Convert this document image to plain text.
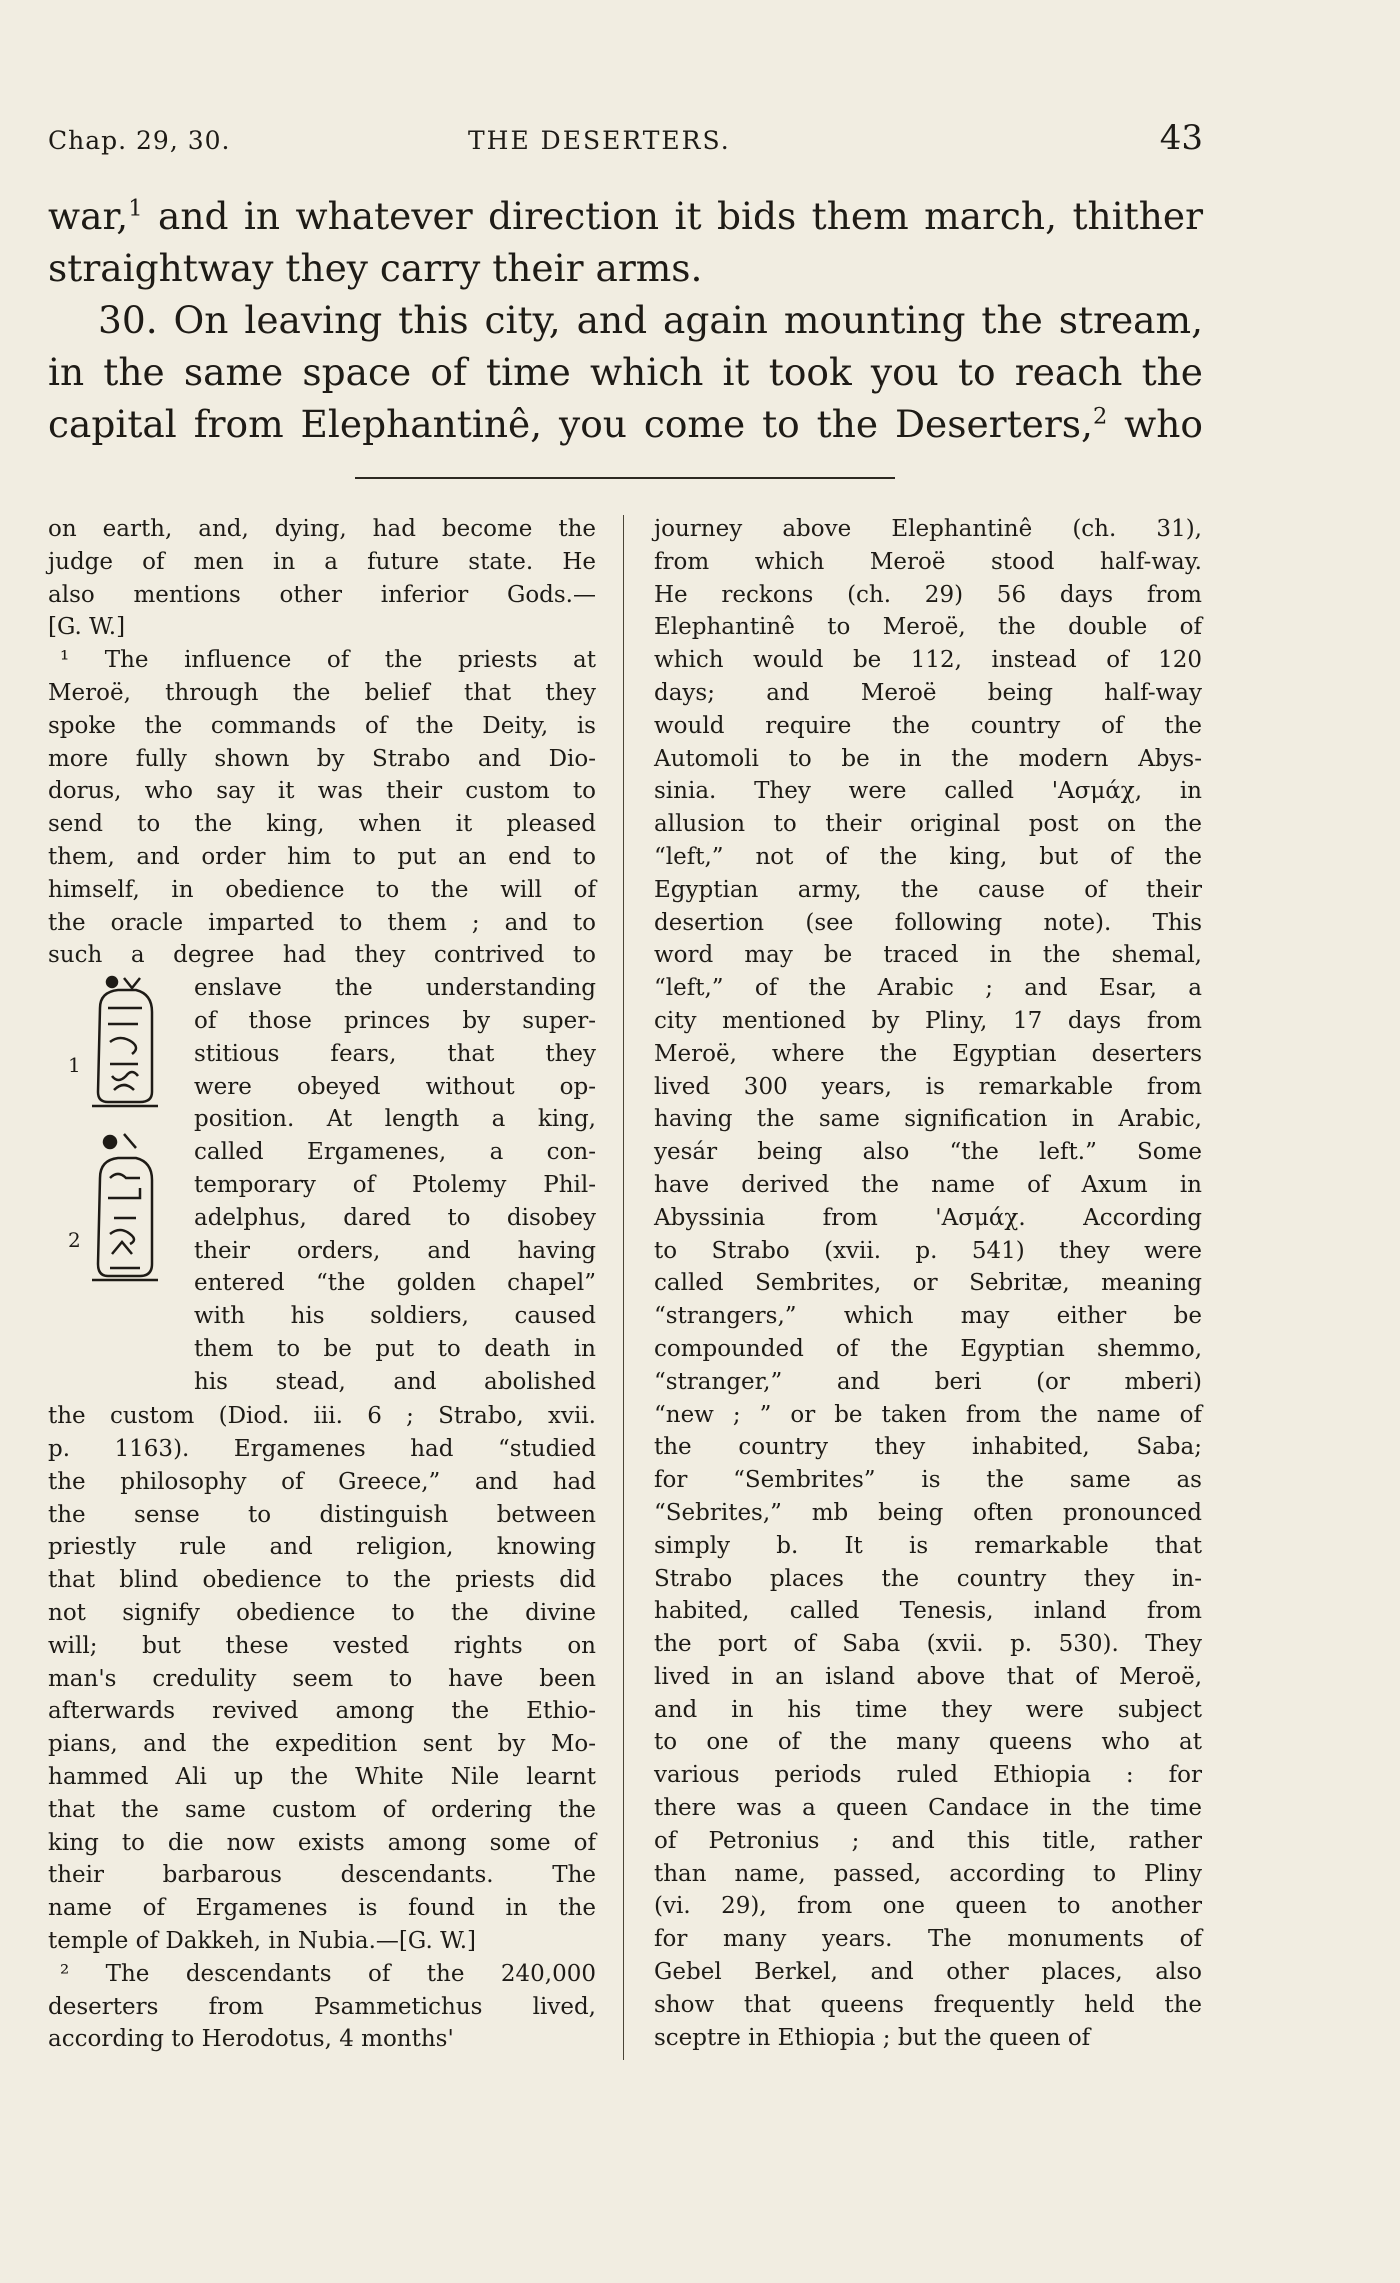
Chap. 29, 30.	THE DESERTERS.	43

war,$^1$ and in whatever direction it bids them march, thither

straightway they carry their arms.

30. On leaving this city, and again mounting the stream,

in the same space of time which it took you to reach the

capital from Elephantinê, you come to the Deserters,$^2$ who

on earth, and, dying, had become the

judge of men in a future state. He

also mentions other inferior Gods.—

[G. W.]

¹ The influence of the priests at

Meroë, through the belief that they

spoke the commands of the Deity, is

more fully shown by Strabo and Dio-

dorus, who say it was their custom to

send to the king, when it pleased

them, and order him to put an end to

himself, in obedience to the will of

the oracle imparted to them ; and to

such a degree had they contrived to

1
2

enslave the understanding

of those princes by super-

stitious fears, that they

were obeyed without op-

position. At length a king,

called Ergamenes, a con-

temporary of Ptolemy Phil-

adelphus, dared to disobey

their orders, and having

entered “the golden chapel”

with his soldiers, caused

them to be put to death in

his stead, and abolished

the custom (Diod. iii. 6 ; Strabo, xvii.

p. 1163). Ergamenes had “studied

the philosophy of Greece,” and had

the sense to distinguish between

priestly rule and religion, knowing

that blind obedience to the priests did

not signify obedience to the divine

will; but these vested rights on

man's credulity seem to have been

afterwards revived among the Ethio-

pians, and the expedition sent by Mo-

hammed Ali up the White Nile learnt

that the same custom of ordering the

king to die now exists among some of

their barbarous descendants. The

name of Ergamenes is found in the

temple of Dakkeh, in Nubia.—[G. W.]

² The descendants of the 240,000

deserters from Psammetichus lived,

according to Herodotus, 4 months'

journey above Elephantinê (ch. 31),

from which Meroë stood half-way.

He reckons (ch. 29) 56 days from

Elephantinê to Meroë, the double of

which would be 112, instead of 120

days; and Meroë being half-way

would require the country of the

Automoli to be in the modern Abys-

sinia. They were called 'Ασμάχ, in

allusion to their original post on the

“left,” not of the king, but of the

Egyptian army, the cause of their

desertion (see following note). This

word may be traced in the shemal,

“left,” of the Arabic ; and Esar, a

city mentioned by Pliny, 17 days from

Meroë, where the Egyptian deserters

lived 300 years, is remarkable from

having the same signification in Arabic,

yesár being also “the left.” Some

have derived the name of Axum in

Abyssinia from 'Ασμάχ. According

to Strabo (xvii. p. 541) they were

called Sembrites, or Sebritæ, meaning

“strangers,” which may either be

compounded of the Egyptian shemmo,

“stranger,” and beri (or mberi)

“new ; ” or be taken from the name of

the country they inhabited, Saba;

for “Sembrites” is the same as

“Sebrites,” mb being often pronounced

simply b. It is remarkable that

Strabo places the country they in-

habited, called Tenesis, inland from

the port of Saba (xvii. p. 530). They

lived in an island above that of Meroë,

and in his time they were subject

to one of the many queens who at

various periods ruled Ethiopia : for

there was a queen Candace in the time

of Petronius ; and this title, rather

than name, passed, according to Pliny

(vi. 29), from one queen to another

for many years. The monuments of

Gebel Berkel, and other places, also

show that queens frequently held the

sceptre in Ethiopia ; but the queen of
